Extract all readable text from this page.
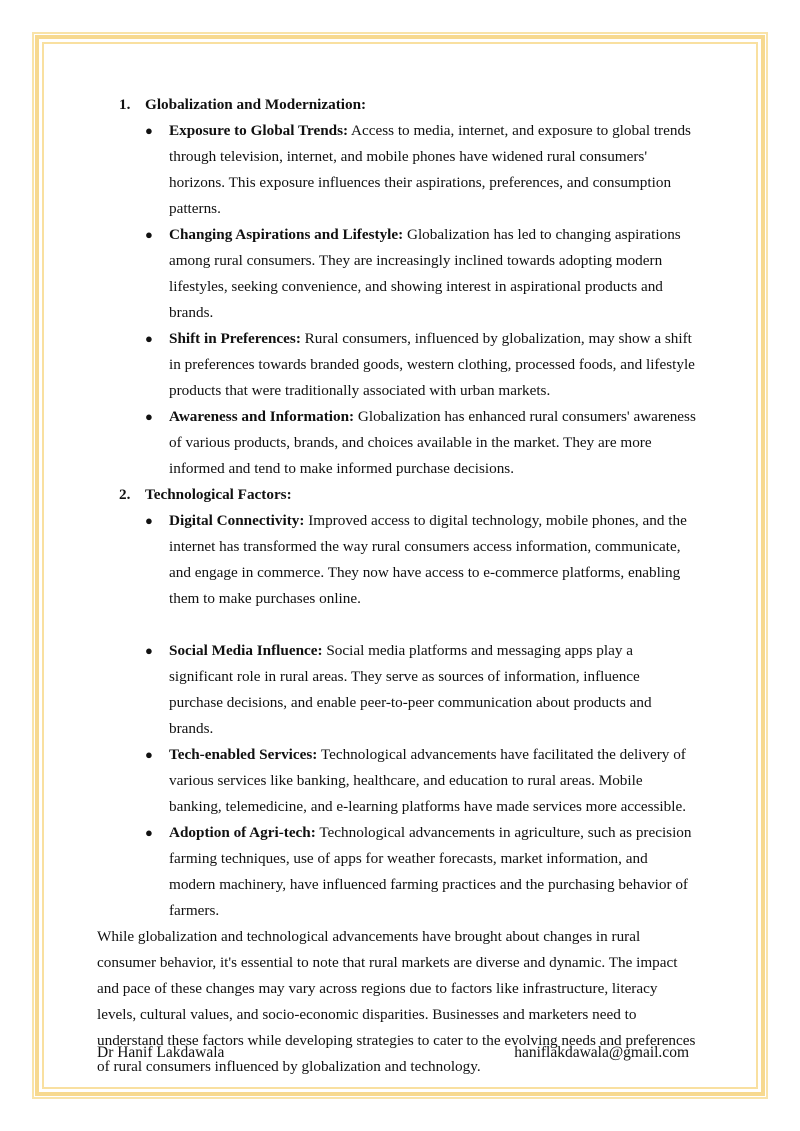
1. Globalization and Modernization:
● Exposure to Global Trends: Access to media, internet, and exposure to global trends through television, internet, and mobile phones have widened rural consumers' horizons. This exposure influences their aspirations, preferences, and consumption patterns.
● Changing Aspirations and Lifestyle: Globalization has led to changing aspirations among rural consumers. They are increasingly inclined towards adopting modern lifestyles, seeking convenience, and showing interest in aspirational products and brands.
● Shift in Preferences: Rural consumers, influenced by globalization, may show a shift in preferences towards branded goods, western clothing, processed foods, and lifestyle products that were traditionally associated with urban markets.
● Awareness and Information: Globalization has enhanced rural consumers' awareness of various products, brands, and choices available in the market. They are more informed and tend to make informed purchase decisions.
2. Technological Factors:
● Digital Connectivity: Improved access to digital technology, mobile phones, and the internet has transformed the way rural consumers access information, communicate, and engage in commerce. They now have access to e-commerce platforms, enabling them to make purchases online.
● Social Media Influence: Social media platforms and messaging apps play a significant role in rural areas. They serve as sources of information, influence purchase decisions, and enable peer-to-peer communication about products and brands.
● Tech-enabled Services: Technological advancements have facilitated the delivery of various services like banking, healthcare, and education to rural areas. Mobile banking, telemedicine, and e-learning platforms have made services more accessible.
● Adoption of Agri-tech: Technological advancements in agriculture, such as precision farming techniques, use of apps for weather forecasts, market information, and modern machinery, have influenced farming practices and the purchasing behavior of farmers.

While globalization and technological advancements have brought about changes in rural consumer behavior, it's essential to note that rural markets are diverse and dynamic. The impact and pace of these changes may vary across regions due to factors like infrastructure, literacy levels, cultural values, and socio-economic disparities. Businesses and marketers need to understand these factors while developing strategies to cater to the evolving needs and preferences of rural consumers influenced by globalization and technology.

Dr Hanif Lakdawala	haniflakdawala@gmail.com
